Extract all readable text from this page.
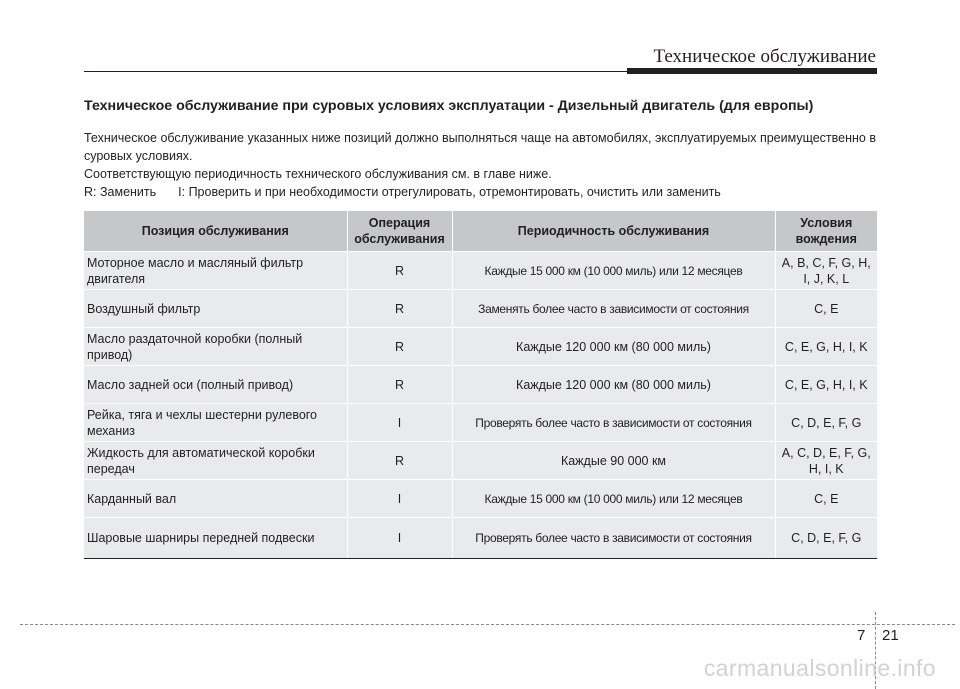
Техническое обслуживание
Техническое обслуживание при суровых условиях эксплуатации - Дизельный двигатель (для европы)

Техническое обслуживание указанных ниже позиций должно выполняться чаще на автомобилях, эксплуатируемых преимущественно в суровых условиях.

Соответствующую периодичность технического обслуживания см. в главе ниже.

R: Заменить I: Проверить и при необходимости отрегулировать, отремонтировать, очистить или заменить

Позиция обслуживания	Операция обслуживания	Периодичность обслуживания	Условия вождения
Моторное масло и масляный фильтр двигателя	R	Каждые 15 000 км (10 000 миль) или 12 месяцев	A, B, C, F, G, H, I, J, K, L
Воздушный фильтр	R	Заменять более часто в зависимости от состояния	C, E
Масло раздаточной коробки (полный привод)	R	Каждые 120 000 км (80 000 миль)	C, E, G, H, I, K
Масло задней оси (полный привод)	R	Каждые 120 000 км (80 000 миль)	C, E, G, H, I, K
Рейка, тяга и чехлы шестерни рулевого механиз	I	Проверять более часто в зависимости от состояния	C, D, E, F, G
Жидкость для автоматической коробки передач	R	Каждые 90 000 км	A, C, D, E, F, G, H, I, K
Карданный вал	I	Каждые 15 000 км (10 000 миль) или 12 месяцев	C, E
Шаровые шарниры передней подвески	I	Проверять более часто в зависимости от состояния	C, D, E, F, G
7 21
carmanualsonline.info
